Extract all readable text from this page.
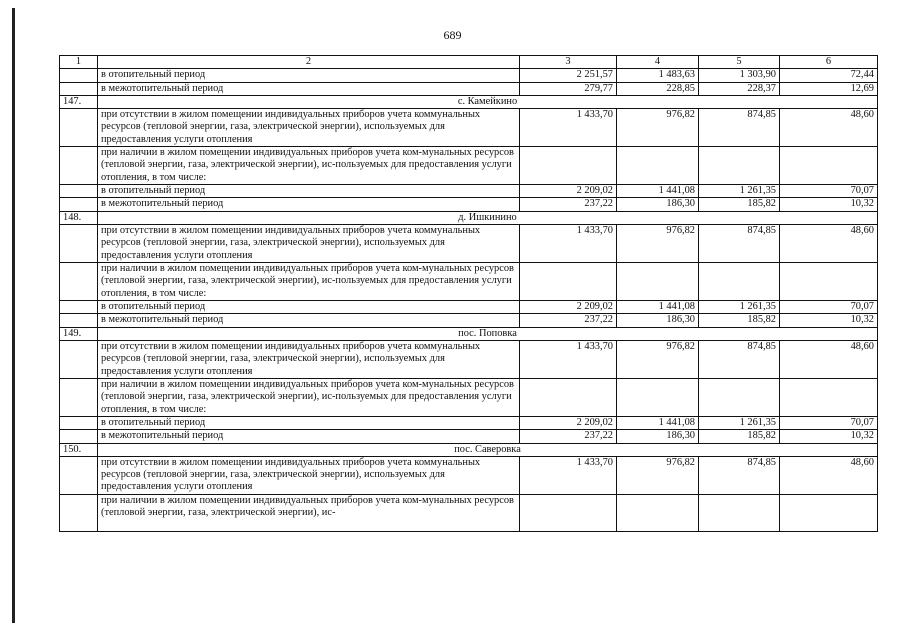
689
1	2	3	4	5	6
	в отопительный период	2 251,57	1 483,63	1 303,90	72,44
	в межотопительный период	279,77	228,85	228,37	12,69
147.	с. Камейкино				
	при отсутствии в жилом помещении индивидуальных приборов учета коммунальных ресурсов (тепловой энергии, газа, электрической энергии), используемых для предоставления услуги отопления	1 433,70	976,82	874,85	48,60
	при наличии в жилом помещении индивидуальных приборов учета ком-мунальных ресурсов (тепловой энергии, газа, электрической энергии), ис-пользуемых для предоставления услуги отопления, в том числе:				
	в отопительный период	2 209,02	1 441,08	1 261,35	70,07
	в межотопительный период	237,22	186,30	185,82	10,32
148.	д. Ишкинино				
	при отсутствии в жилом помещении индивидуальных приборов учета коммунальных ресурсов (тепловой энергии, газа, электрической энергии), используемых для предоставления услуги отопления	1 433,70	976,82	874,85	48,60
	при наличии в жилом помещении индивидуальных приборов учета ком-мунальных ресурсов (тепловой энергии, газа, электрической энергии), ис-пользуемых для предоставления услуги отопления, в том числе:				
	в отопительный период	2 209,02	1 441,08	1 261,35	70,07
	в межотопительный период	237,22	186,30	185,82	10,32
149.	пос. Поповка				
	при отсутствии в жилом помещении индивидуальных приборов учета коммунальных ресурсов (тепловой энергии, газа, электрической энергии), используемых для предоставления услуги отопления	1 433,70	976,82	874,85	48,60
	при наличии в жилом помещении индивидуальных приборов учета ком-мунальных ресурсов (тепловой энергии, газа, электрической энергии), ис-пользуемых для предоставления услуги отопления, в том числе:				
	в отопительный период	2 209,02	1 441,08	1 261,35	70,07
	в межотопительный период	237,22	186,30	185,82	10,32
150.	пос. Саверовка				
	при отсутствии в жилом помещении индивидуальных приборов учета коммунальных ресурсов (тепловой энергии, газа, электрической энергии), используемых для предоставления услуги отопления	1 433,70	976,82	874,85	48,60
	при наличии в жилом помещении индивидуальных приборов учета ком-мунальных ресурсов (тепловой энергии, газа, электрической энергии), ис-				
